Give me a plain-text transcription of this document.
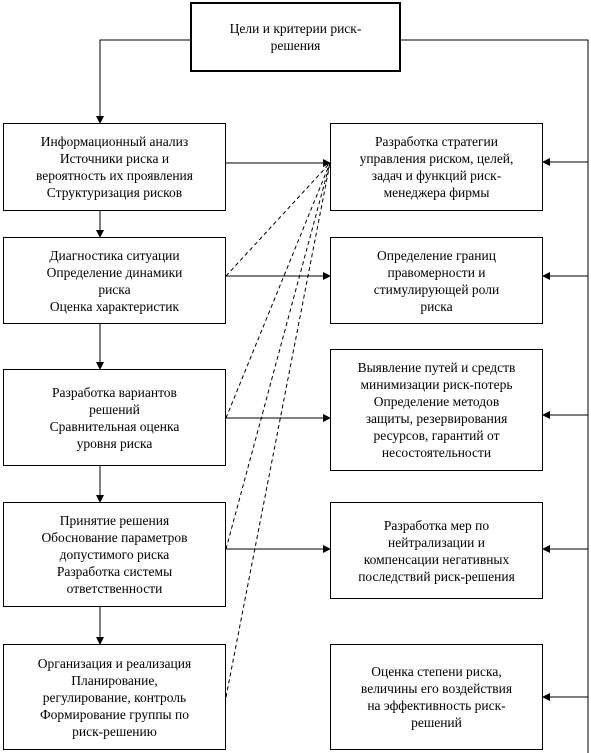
Цели и критерии риск-
решения
Информационный анализ
Источники риска и
вероятность их проявления
Структуризация рисков
Диагностика ситуации
Определение динамики
риска
Оценка характеристик
Разработка вариантов
решений
Сравнительная оценка
уровня риска
Принятие решения
Обоснование параметров
допустимого риска
Разработка системы
ответственности
Организация и реализация
Планирование,
регулирование, контроль
Формирование группы по
риск-решению
Разработка стратегии
управления риском, целей,
задач и функций риск-
менеджера фирмы
Определение границ
правомерности и
стимулирующей роли
риска
Выявление путей и средств
минимизации риск-потерь
Определение методов
защиты, резервирования
ресурсов, гарантий от
несостоятельности
Разработка мер по
нейтрализации и
компенсации негативных
последствий риск-решения
Оценка степени риска,
величины его воздействия
на эффективность риск-
решений
